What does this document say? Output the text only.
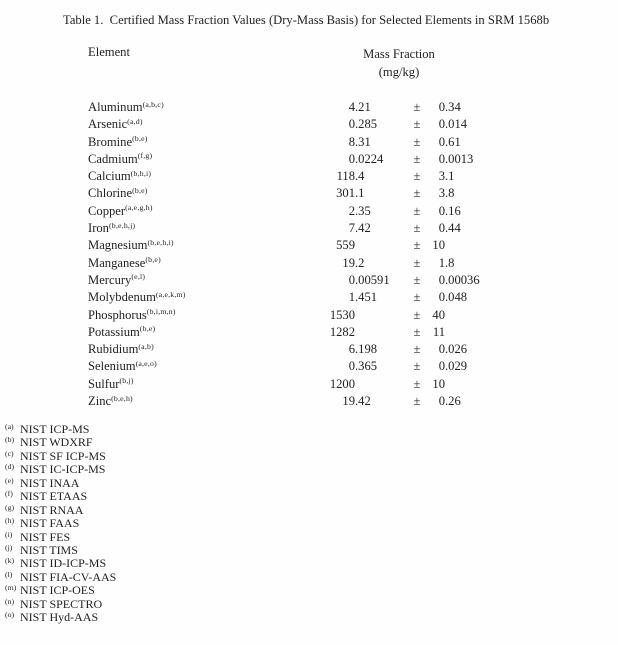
Table 1.  Certified Mass Fraction Values (Dry-Mass Basis) for Selected Elements in SRM 1568b
Element	Mass Fraction
(mg/kg)
Aluminum$^{(a,b,c)}$	4 .21	±	0 .34
Arsenic$^{(a,d)}$	0 .285	±	0 .014
Bromine$^{(b,e)}$	8 .31	±	0 .61
Cadmium$^{(f,g)}$	0 .0224	±	0 .0013
Calcium$^{(b,h,i)}$	118 .4	±	3 .1
Chlorine$^{(b,e)}$	301 .1	±	3 .8
Copper$^{(a,e,g,h)}$	2 .35	±	0 .16
Iron$^{(b,e,h,j)}$	7 .42	±	0 .44
Magnesium$^{(b,e,h,i)}$	559	± 10
Manganese$^{(b,e)}$	19 .2	±	1 .8
Mercury$^{(e,l)}$	0 .00591	±	0 .00036
Molybdenum$^{(a,e,k,m)}$	1 .451	±	0 .048
Phosphorus$^{(b,i,m,n)}$	1530	± 40
Potassium$^{(b,e)}$	1282	± 11
Rubidium$^{(a,b)}$	6 .198	±	0 .026
Selenium$^{(a,e,o)}$	0 .365	±	0 .029
Sulfur$^{(b,j)}$	1200	± 10
Zinc$^{(b,e,h)}$	19 .42	±	0 .26
(a) NIST ICP-MS
(b) NIST WDXRF
(c) NIST SF ICP-MS
(d) NIST IC-ICP-MS
(e) NIST INAA
(f) NIST ETAAS
(g) NIST RNAA
(h) NIST FAAS
(i) NIST FES
(j) NIST TIMS
(k) NIST ID-ICP-MS
(l) NIST FIA-CV-AAS
(m) NIST ICP-OES
(n) NIST SPECTRO
(o) NIST Hyd-AAS
